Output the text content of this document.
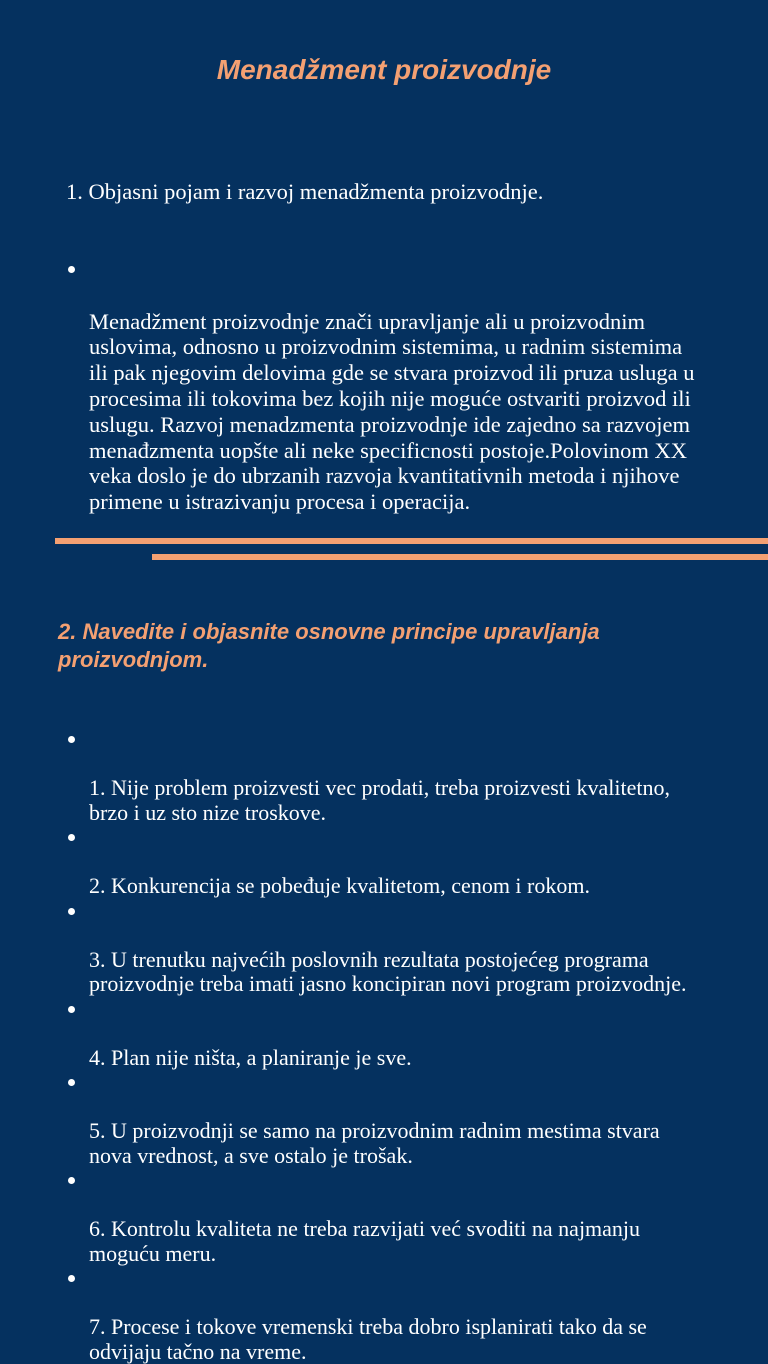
Menadžment proizvodnje

1. Objasni pojam i razvoj menadžmenta proizvodnje.

Menadžment proizvodnje znači upravljanje ali u proizvodnim
uslovima, odnosno u proizvodnim sistemima, u radnim sistemima
ili pak njegovim delovima gde se stvara proizvod ili pruza usluga u
procesima ili tokovima bez kojih nije moguće ostvariti proizvod ili
uslugu. Razvoj menadzmenta proizvodnje ide zajedno sa razvojem
menađzmenta uopšte ali neke specificnosti postoje.Polovinom XX
veka doslo je do ubrzanih razvoja kvantitativnih metoda i njihove
primene u istrazivanju procesa i operacija.

2. Navedite i objasnite osnovne principe upravljanja
proizvodnjom.

1. Nije problem proizvesti vec prodati, treba proizvesti kvalitetno,
brzo i uz sto nize troskove.

2. Konkurencija se pobeđuje kvalitetom, cenom i rokom.

3. U trenutku najvećih poslovnih rezultata postojećeg programa
proizvodnje treba imati jasno koncipiran novi program proizvodnje.

4. Plan nije ništa, a planiranje je sve.

5. U proizvodnji se samo na proizvodnim radnim mestima stvara
nova vrednost, a sve ostalo je trošak.

6. Kontrolu kvaliteta ne treba razvijati već svoditi na najmanju
moguću meru.

7. Procese i tokove vremenski treba dobro isplanirati tako da se
odvijaju tačno na vreme.
